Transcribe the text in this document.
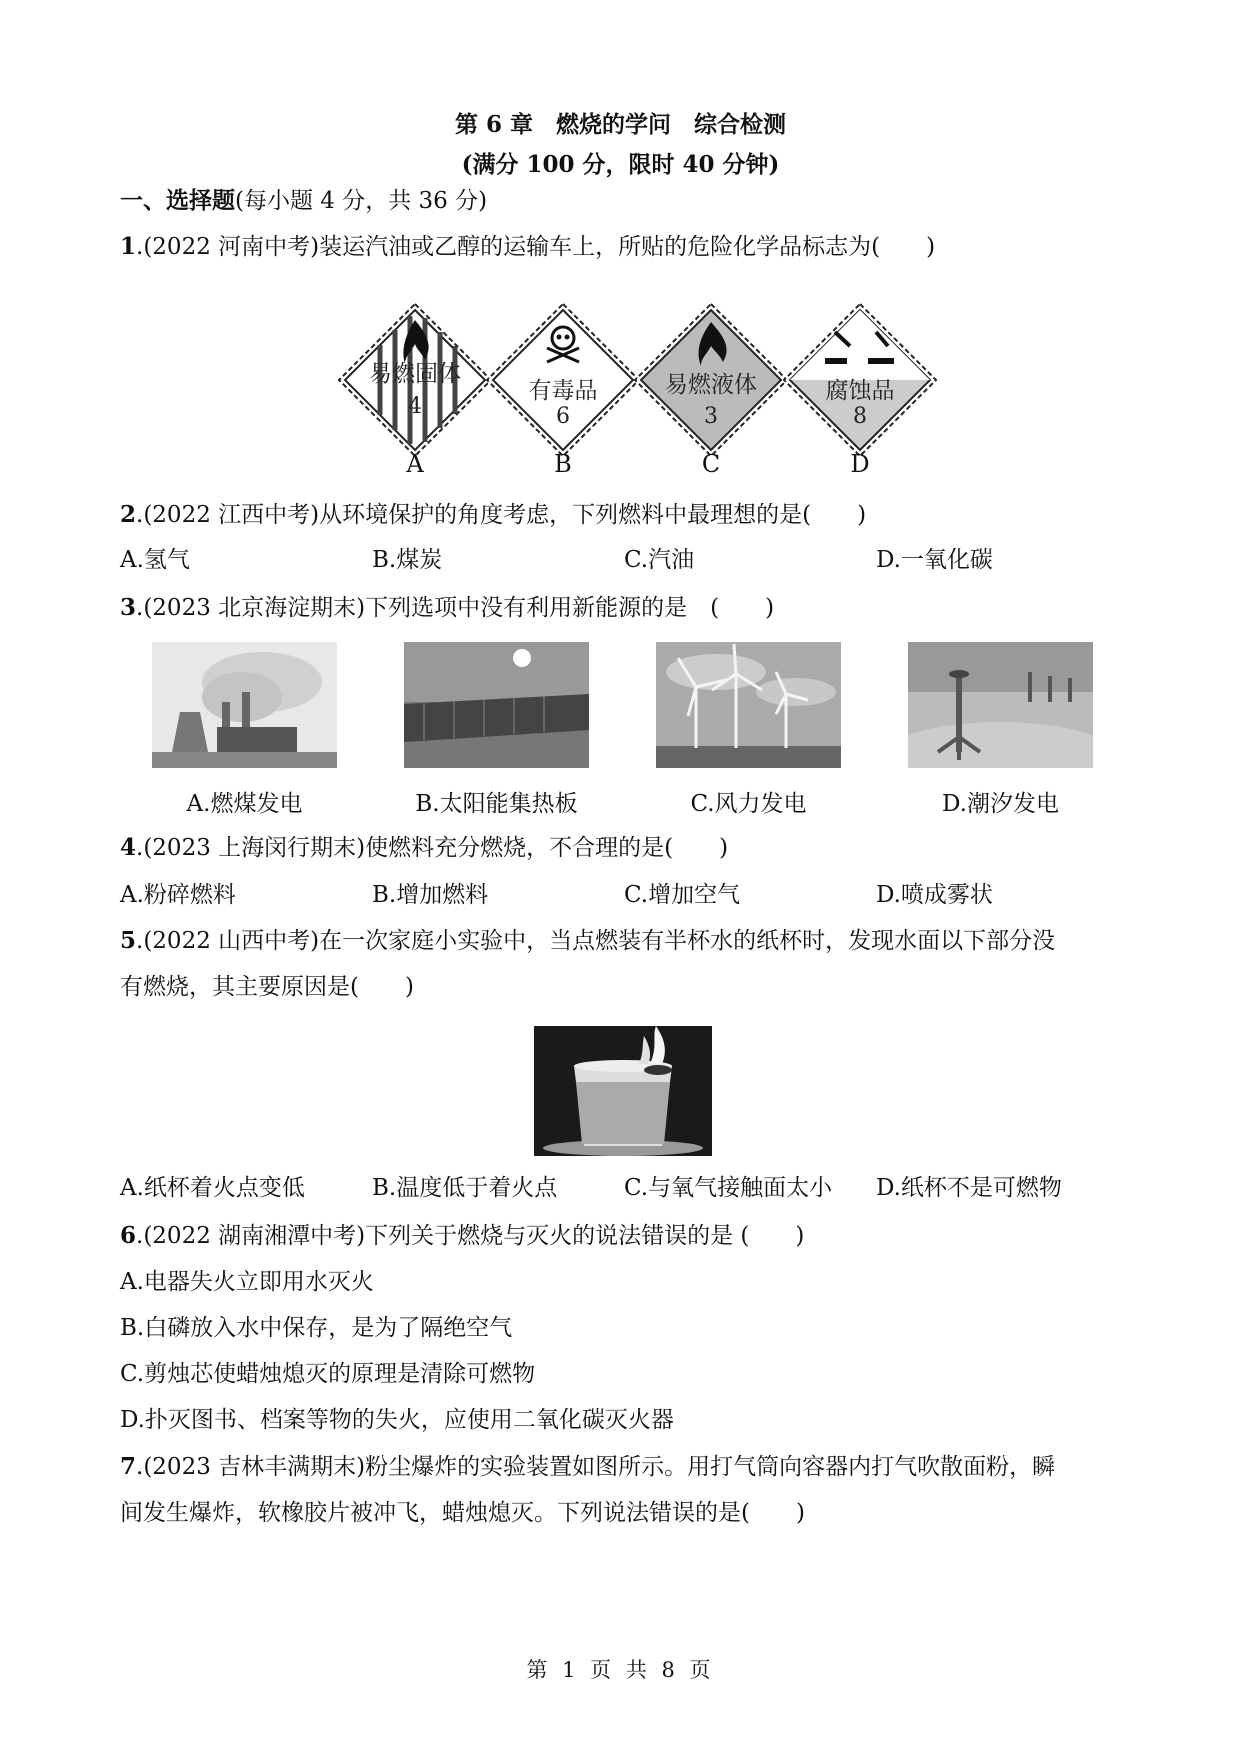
第 6 章　燃烧的学问　综合检测
(满分 100 分，限时 40 分钟)
一、选择题(每小题 4 分，共 36 分)
1.(2022 河南中考)装运汽油或乙醇的运输车上，所贴的危险化学品标志为(　　)
易燃固体
4
有毒品
6
易燃液体
3
腐蚀品
8
A	B	C	D
2.(2022 江西中考)从环境保护的角度考虑，下列燃料中最理想的是(　　)
A.氢气	B.煤炭	C.汽油	D.一氧化碳
3.(2023 北京海淀期末)下列选项中没有利用新能源的是　(　　)
A.燃煤发电	B.太阳能集热板	C.风力发电	D.潮汐发电
4.(2023 上海闵行期末)使燃料充分燃烧，不合理的是(　　)
A.粉碎燃料	B.增加燃料	C.增加空气	D.喷成雾状
5.(2022 山西中考)在一次家庭小实验中，当点燃装有半杯水的纸杯时，发现水面以下部分没
有燃烧，其主要原因是(　　)
A.纸杯着火点变低	B.温度低于着火点	C.与氧气接触面太小 D.纸杯不是可燃物
6.(2022 湖南湘潭中考)下列关于燃烧与灭火的说法错误的是 (　　)
A.电器失火立即用水灭火
B.白磷放入水中保存，是为了隔绝空气
C.剪烛芯使蜡烛熄灭的原理是清除可燃物
D.扑灭图书、档案等物的失火，应使用二氧化碳灭火器
7.(2023 吉林丰满期末)粉尘爆炸的实验装置如图所示。用打气筒向容器内打气吹散面粉，瞬
间发生爆炸，软橡胶片被冲飞，蜡烛熄灭。下列说法错误的是(　　)
第 1 页 共 8 页
